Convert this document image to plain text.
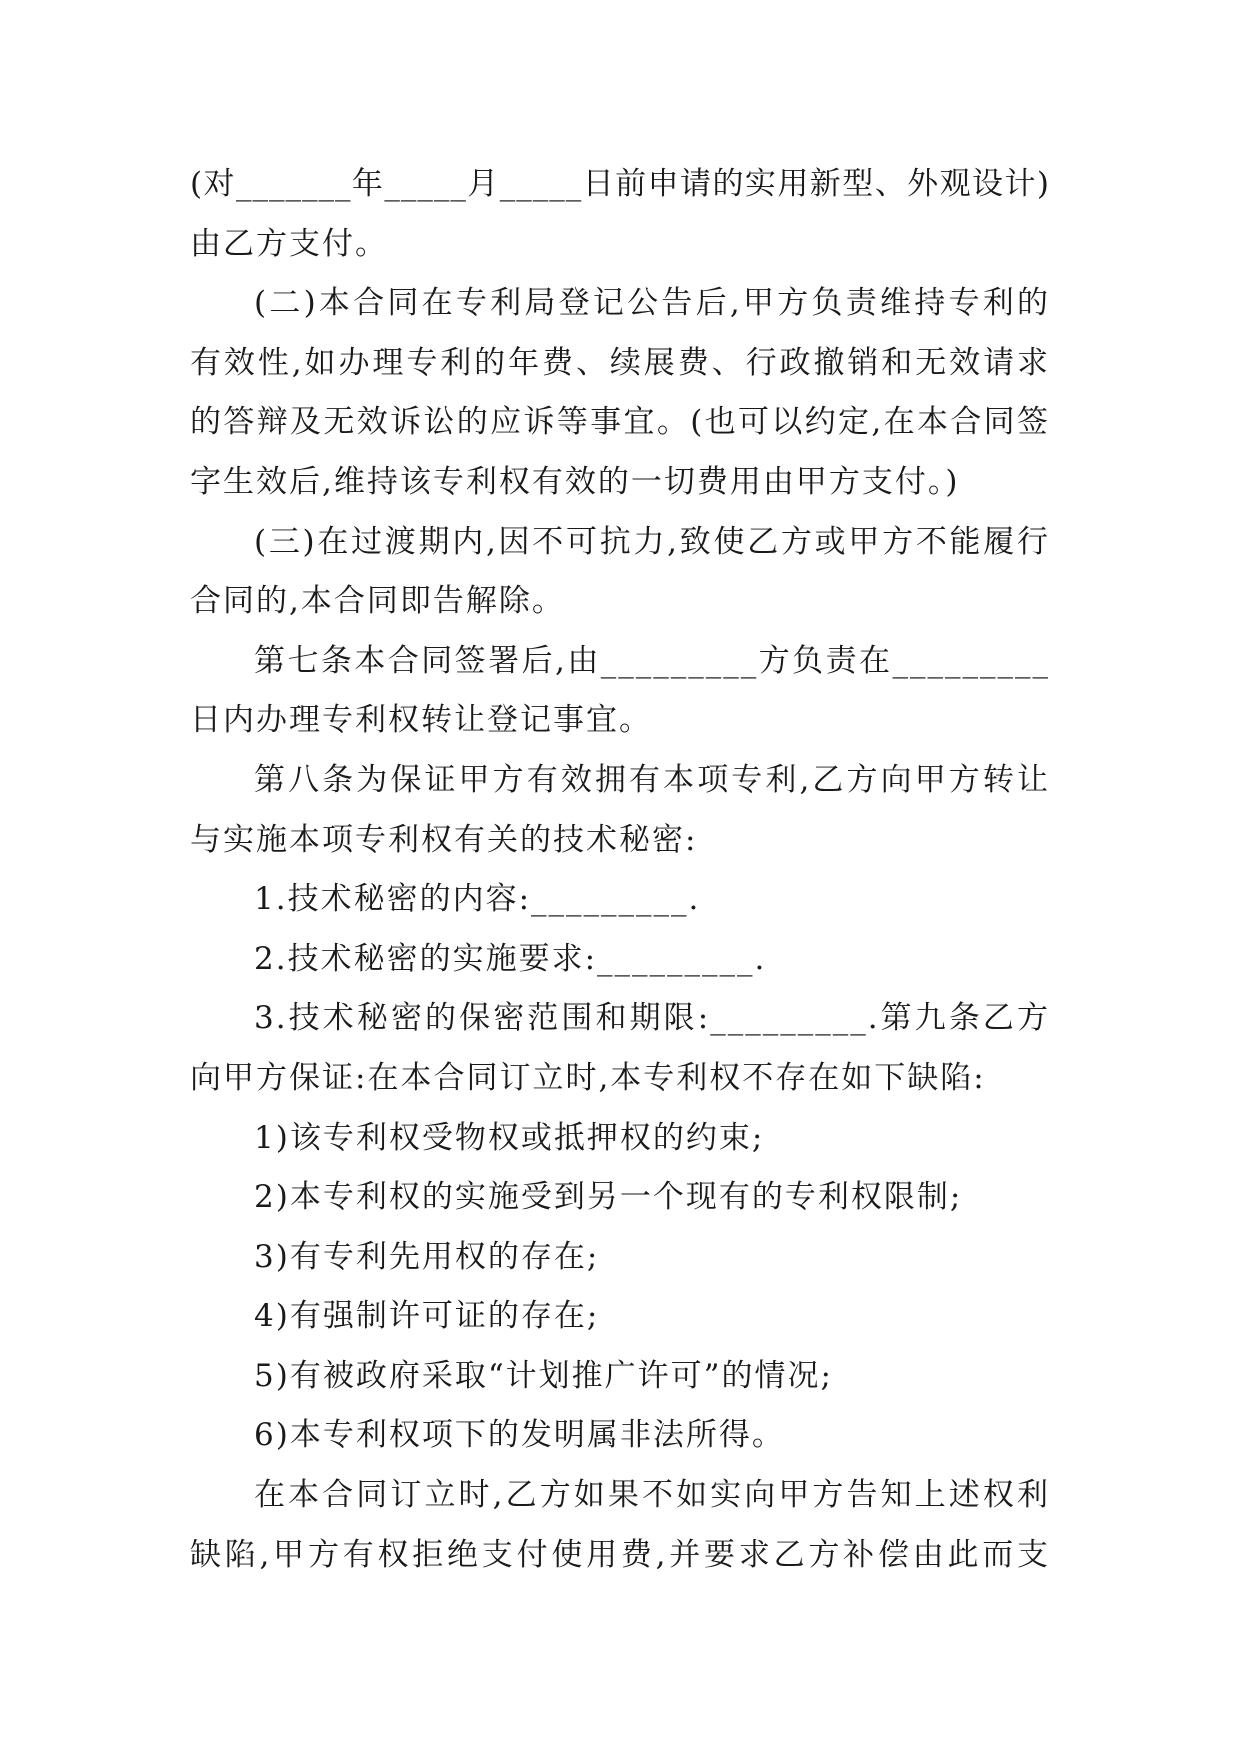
(对_______年_____月_____日前申请的实用新型、外观设计)
由乙方支付。
(二)本合同在专利局登记公告后,甲方负责维持专利的
有效性,如办理专利的年费、续展费、行政撤销和无效请求
的答辩及无效诉讼的应诉等事宜。(也可以约定,在本合同签
字生效后,维持该专利权有效的一切费用由甲方支付。)
(三)在过渡期内,因不可抗力,致使乙方或甲方不能履行
合同的,本合同即告解除。
第七条本合同签署后,由_________方负责在_________
日内办理专利权转让登记事宜。
第八条为保证甲方有效拥有本项专利,乙方向甲方转让
与实施本项专利权有关的技术秘密:
1.技术秘密的内容:_________.
2.技术秘密的实施要求:_________.
3.技术秘密的保密范围和期限:_________.第九条乙方
向甲方保证:在本合同订立时,本专利权不存在如下缺陷:
1)该专利权受物权或抵押权的约束;
2)本专利权的实施受到另一个现有的专利权限制;
3)有专利先用权的存在;
4)有强制许可证的存在;
5)有被政府采取“计划推广许可”的情况;
6)本专利权项下的发明属非法所得。
在本合同订立时,乙方如果不如实向甲方告知上述权利
缺陷,甲方有权拒绝支付使用费,并要求乙方补偿由此而支
